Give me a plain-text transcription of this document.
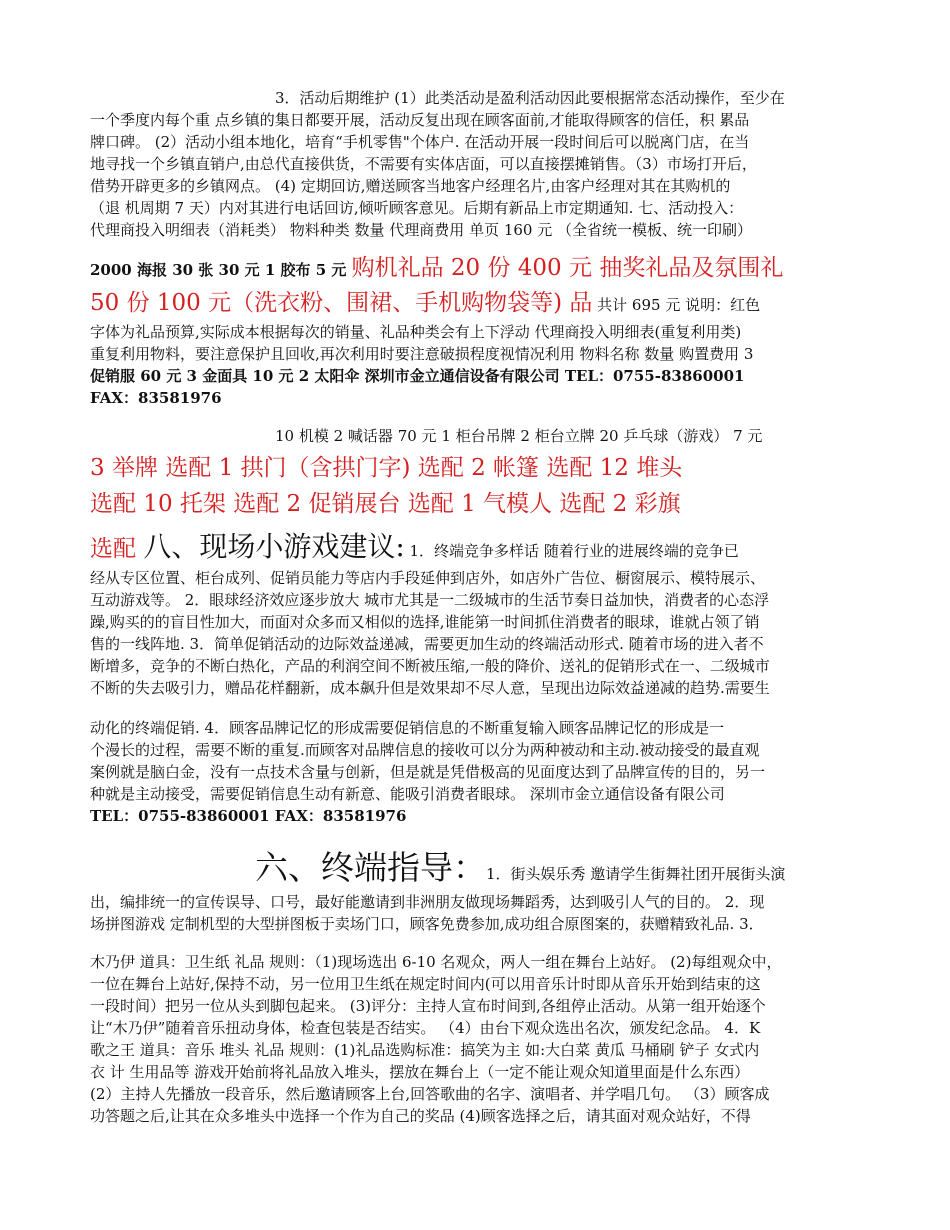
3．活动后期维护 (1）此类活动是盈利活动因此要根据常态活动操作，至少在
一个季度内每个重 点乡镇的集日都要开展，活动反复出现在顾客面前,才能取得顾客的信任，积 累品
牌口碑。 (2）活动小组本地化，培育“手机零售"个体户. 在活动开展一段时间后可以脱离门店，在当
地寻找一个乡镇直销户,由总代直接供货，不需要有实体店面，可以直接摆摊销售。（3）市场打开后，
借势开辟更多的乡镇网点。 (4) 定期回访,赠送顾客当地客户经理名片,由客户经理对其在其购机的
（退 机周期 7 天）内对其进行电话回访,倾听顾客意见。后期有新品上市定期通知. 七、活动投入：
代理商投入明细表（消耗类） 物料种类 数量 代理商费用 单页 160 元 （全省统一模板、统一印刷）
2000 海报 30 张 30 元 1 胶布 5 元 购机礼品 20 份 400 元 抽奖礼品及氛围礼
50 份 100 元（洗衣粉、围裙、手机购物袋等) 品 共计 695 元 说明：红色
字体为礼品预算,实际成本根据每次的销量、礼品种类会有上下浮动 代理商投入明细表(重复利用类)
重复利用物料，要注意保护且回收,再次利用时要注意破损程度视情况利用 物料名称 数量 购置费用 3
促销服 60 元 3 金面具 10 元 2 太阳伞 深圳市金立通信设备有限公司 TEL：0755-83860001
FAX：83581976
10 机模 2 喊话器 70 元 1 柜台吊牌 2 柜台立牌 20 乒乓球（游戏） 7 元
3 举牌 选配 1 拱门（含拱门字) 选配 2 帐篷 选配 12 堆头
选配 10 托架 选配 2 促销展台 选配 1 气模人 选配 2 彩旗
选配 八、现场小游戏建议: 1．终端竞争多样话 随着行业的进展终端的竞争已
经从专区位置、柜台成列、促销员能力等店内手段延伸到店外，如店外广告位、橱窗展示、模特展示、
互动游戏等。 2．眼球经济效应逐步放大 城市尤其是一二级城市的生活节奏日益加快，消费者的心态浮
躁,购买的的盲目性加大，而面对众多而又相似的选择,谁能第一时间抓住消费者的眼球，谁就占领了销
售的一线阵地. 3．简单促销活动的边际效益递减，需要更加生动的终端活动形式. 随着市场的进入者不
断增多，竞争的不断白热化，产品的利润空间不断被压缩,一般的降价、送礼的促销形式在一、二级城市
不断的失去吸引力，赠品花样翻新，成本飙升但是效果却不尽人意，呈现出边际效益递减的趋势.需要生
动化的终端促销. 4．顾客品牌记忆的形成需要促销信息的不断重复输入顾客品牌记忆的形成是一
个漫长的过程，需要不断的重复.而顾客对品牌信息的接收可以分为两种被动和主动.被动接受的最直观
案例就是脑白金，没有一点技术含量与创新，但是就是凭借极高的见面度达到了品牌宣传的目的，另一
种就是主动接受，需要促销信息生动有新意、能吸引消费者眼球。 深圳市金立通信设备有限公司
TEL：0755-83860001 FAX：83581976
六、终端指导：1．街头娱乐秀 邀请学生街舞社团开展街头演
出，编排统一的宣传误导、口号，最好能邀请到非洲朋友做现场舞蹈秀，达到吸引人气的目的。 2．现
场拼图游戏 定制机型的大型拼图板于卖场门口，顾客免费参加,成功组合原图案的，获赠精致礼品. 3．
木乃伊 道具：卫生纸 礼品 规则：（1)现场选出 6-10 名观众，两人一组在舞台上站好。 (2)每组观众中，
一位在舞台上站好,保持不动，另一位用卫生纸在规定时间内(可以用音乐计时即从音乐开始到结束的这
一段时间）把另一位从头到脚包起来。 (3)评分：主持人宣布时间到,各组停止活动。从第一组开始逐个
让“木乃伊”随着音乐扭动身体，检查包装是否结实。 （4）由台下观众选出名次，颁发纪念品。 4．K
歌之王 道具：音乐 堆头 礼品 规则：(1)礼品选购标准：搞笑为主 如:大白菜 黄瓜 马桶刷 铲子 女式内
衣 计 生用品等 游戏开始前将礼品放入堆头，摆放在舞台上（一定不能让观众知道里面是什么东西）
(2）主持人先播放一段音乐，然后邀请顾客上台,回答歌曲的名字、演唱者、并学唱几句。 （3）顾客成
功答题之后,让其在众多堆头中选择一个作为自己的奖品 (4)顾客选择之后，请其面对观众站好，不得
